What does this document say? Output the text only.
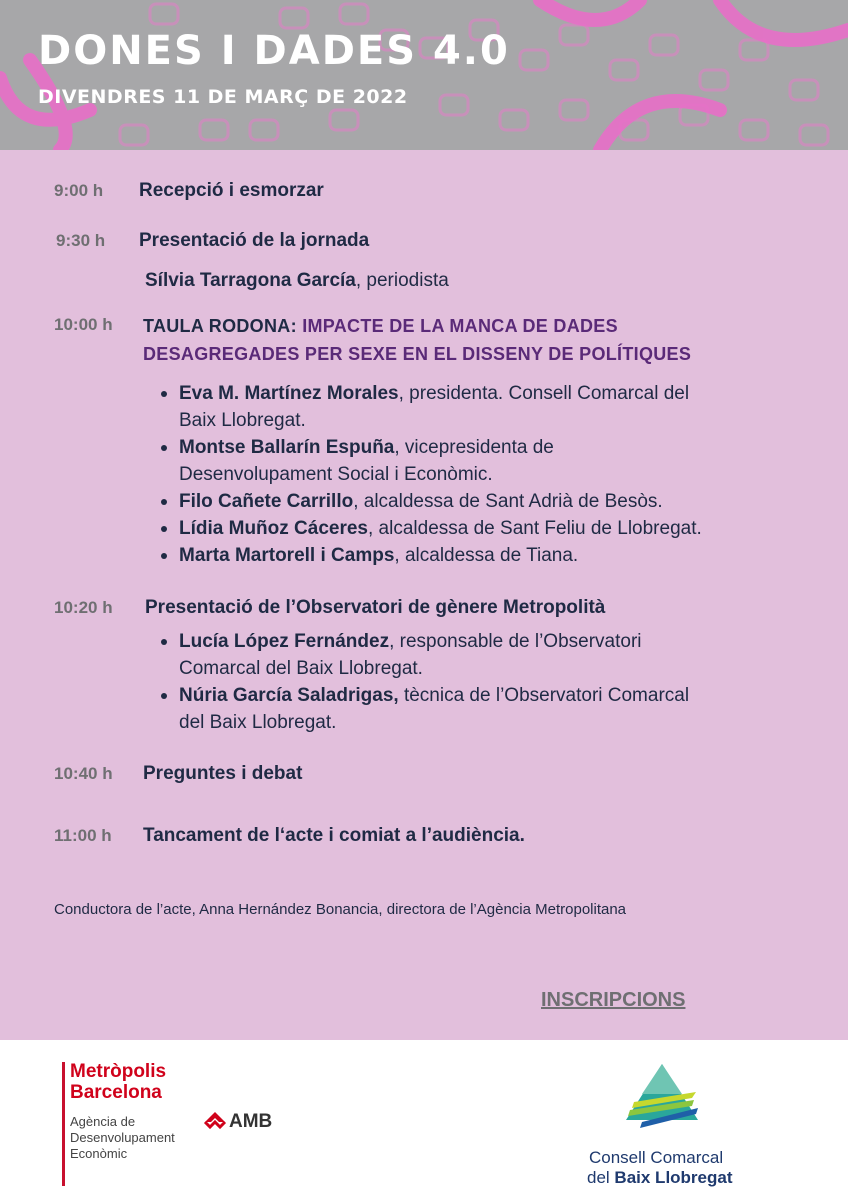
DONES I DADES 4.0
DIVENDRES 11 DE MARÇ DE 2022
9:00 h Recepció i esmorzar
9:30 h Presentació de la jornada
Sílvia Tarragona García, periodista
10:00 h TAULA RODONA: IMPACTE DE LA MANCA DE DADES
DESAGREGADES PER SEXE EN EL DISSENY DE POLÍTIQUES
Eva M. Martínez Morales, presidenta. Consell Comarcal del
Baix Llobregat.
Montse Ballarín Espuña, vicepresidenta de
Desenvolupament Social i Econòmic.
Filo Cañete Carrillo, alcaldessa de Sant Adrià de Besòs.
Lídia Muñoz Cáceres, alcaldessa de Sant Feliu de Llobregat.
Marta Martorell i Camps, alcaldessa de Tiana.
10:20 h Presentació de l’Observatori de gènere Metropolità
Lucía López Fernández, responsable de l’Observatori
Comarcal del Baix Llobregat.
Núria García Saladrigas, tècnica de l’Observatori Comarcal
del Baix Llobregat.
10:40 h Preguntes i debat
11:00 h Tancament de l‘acte i comiat a l’audiència.
Conductora de l’acte, Anna Hernández Bonancia, directora de l’Agència Metropolitana
INSCRIPCIONS
Metròpolis
Barcelona
Agència de
Desenvolupament
Econòmic
AMB
Consell Comarcal
del Baix Llobregat
